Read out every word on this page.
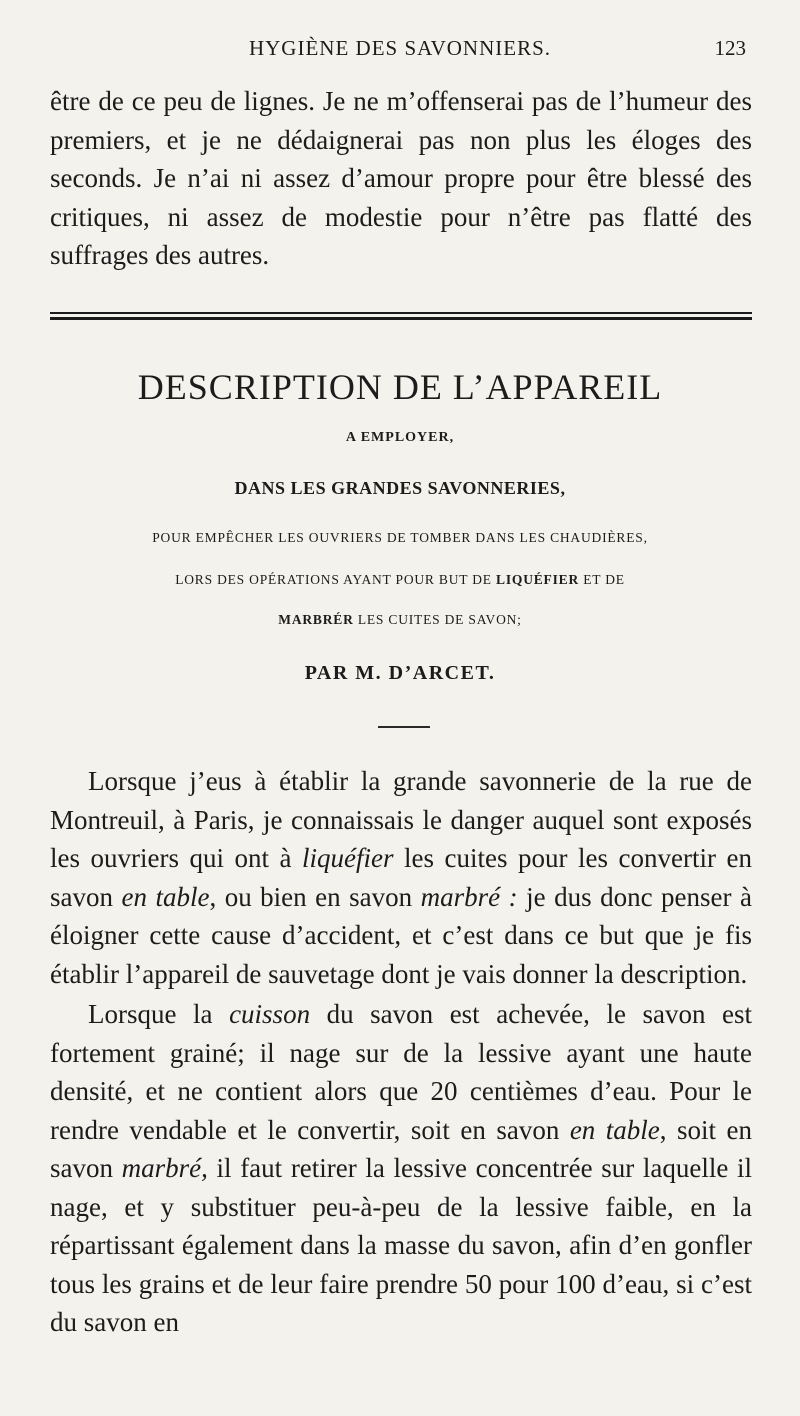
HYGIÈNE DES SAVONNIERS.	123

être de ce peu de lignes. Je ne m’offenserai pas de l’humeur des premiers, et je ne dédaignerai pas non plus les éloges des seconds. Je n’ai ni assez d’amour propre pour être blessé des critiques, ni assez de modestie pour n’être pas flatté des suffrages des autres.

DESCRIPTION DE L’APPAREIL
A EMPLOYER,
DANS LES GRANDES SAVONNERIES,
POUR EMPÊCHER LES OUVRIERS DE TOMBER DANS LES CHAUDIÈRES,
LORS DES OPÉRATIONS AYANT POUR BUT DE LIQUÉFIER ET DE
MARBRÉR LES CUITES DE SAVON;
PAR M. D’ARCET.

Lorsque j’eus à établir la grande savonnerie de la rue de Montreuil, à Paris, je connaissais le danger auquel sont exposés les ouvriers qui ont à liquéfier les cuites pour les convertir en savon en table, ou bien en savon marbré : je dus donc penser à éloigner cette cause d’accident, et c’est dans ce but que je fis établir l’appareil de sauvetage dont je vais donner la description.

Lorsque la cuisson du savon est achevée, le savon est fortement grainé; il nage sur de la lessive ayant une haute densité, et ne contient alors que 20 centièmes d’eau. Pour le rendre vendable et le convertir, soit en savon en table, soit en savon marbré, il faut retirer la lessive concentrée sur laquelle il nage, et y substituer peu-à-peu de la lessive faible, en la répartissant également dans la masse du savon, afin d’en gonfler tous les grains et de leur faire prendre 50 pour 100 d’eau, si c’est du savon en
